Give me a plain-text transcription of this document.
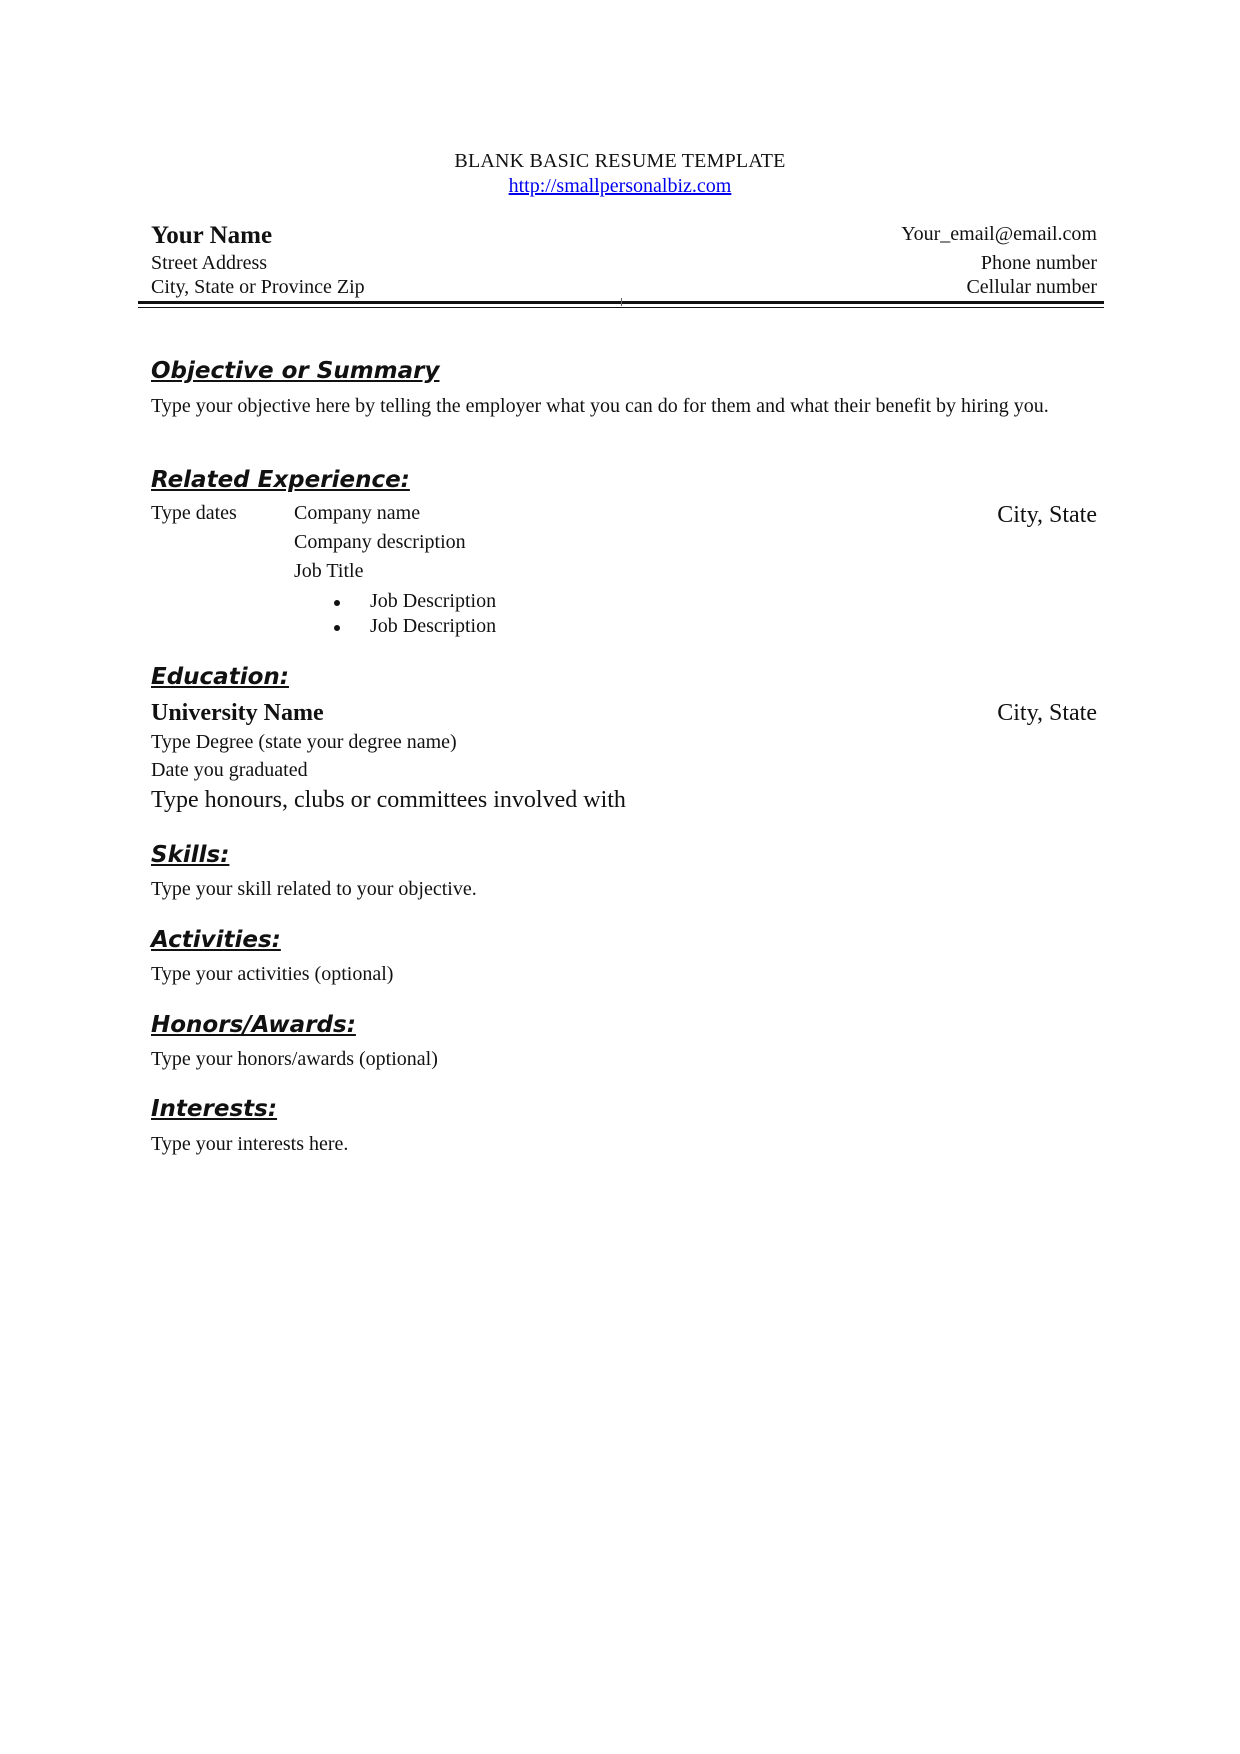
BLANK BASIC RESUME TEMPLATE
http://smallpersonalbiz.com
Your Name
Street Address
City, State or Province Zip
Your_email@email.com
Phone number
Cellular number
Objective or Summary
Type your objective here by telling the employer what you can do for them and what their benefit by hiring you.
Related Experience:
Type dates	Company name
Company description
Job Title
City, State
Job Description
Job Description
Education:
University Name	City, State
Type Degree (state your degree name)
Date you graduated
Type honours, clubs or committees involved with
Skills:
Type your skill related to your objective.
Activities:
Type your activities (optional)
Honors/Awards:
Type your honors/awards (optional)
Interests:
Type your interests here.
